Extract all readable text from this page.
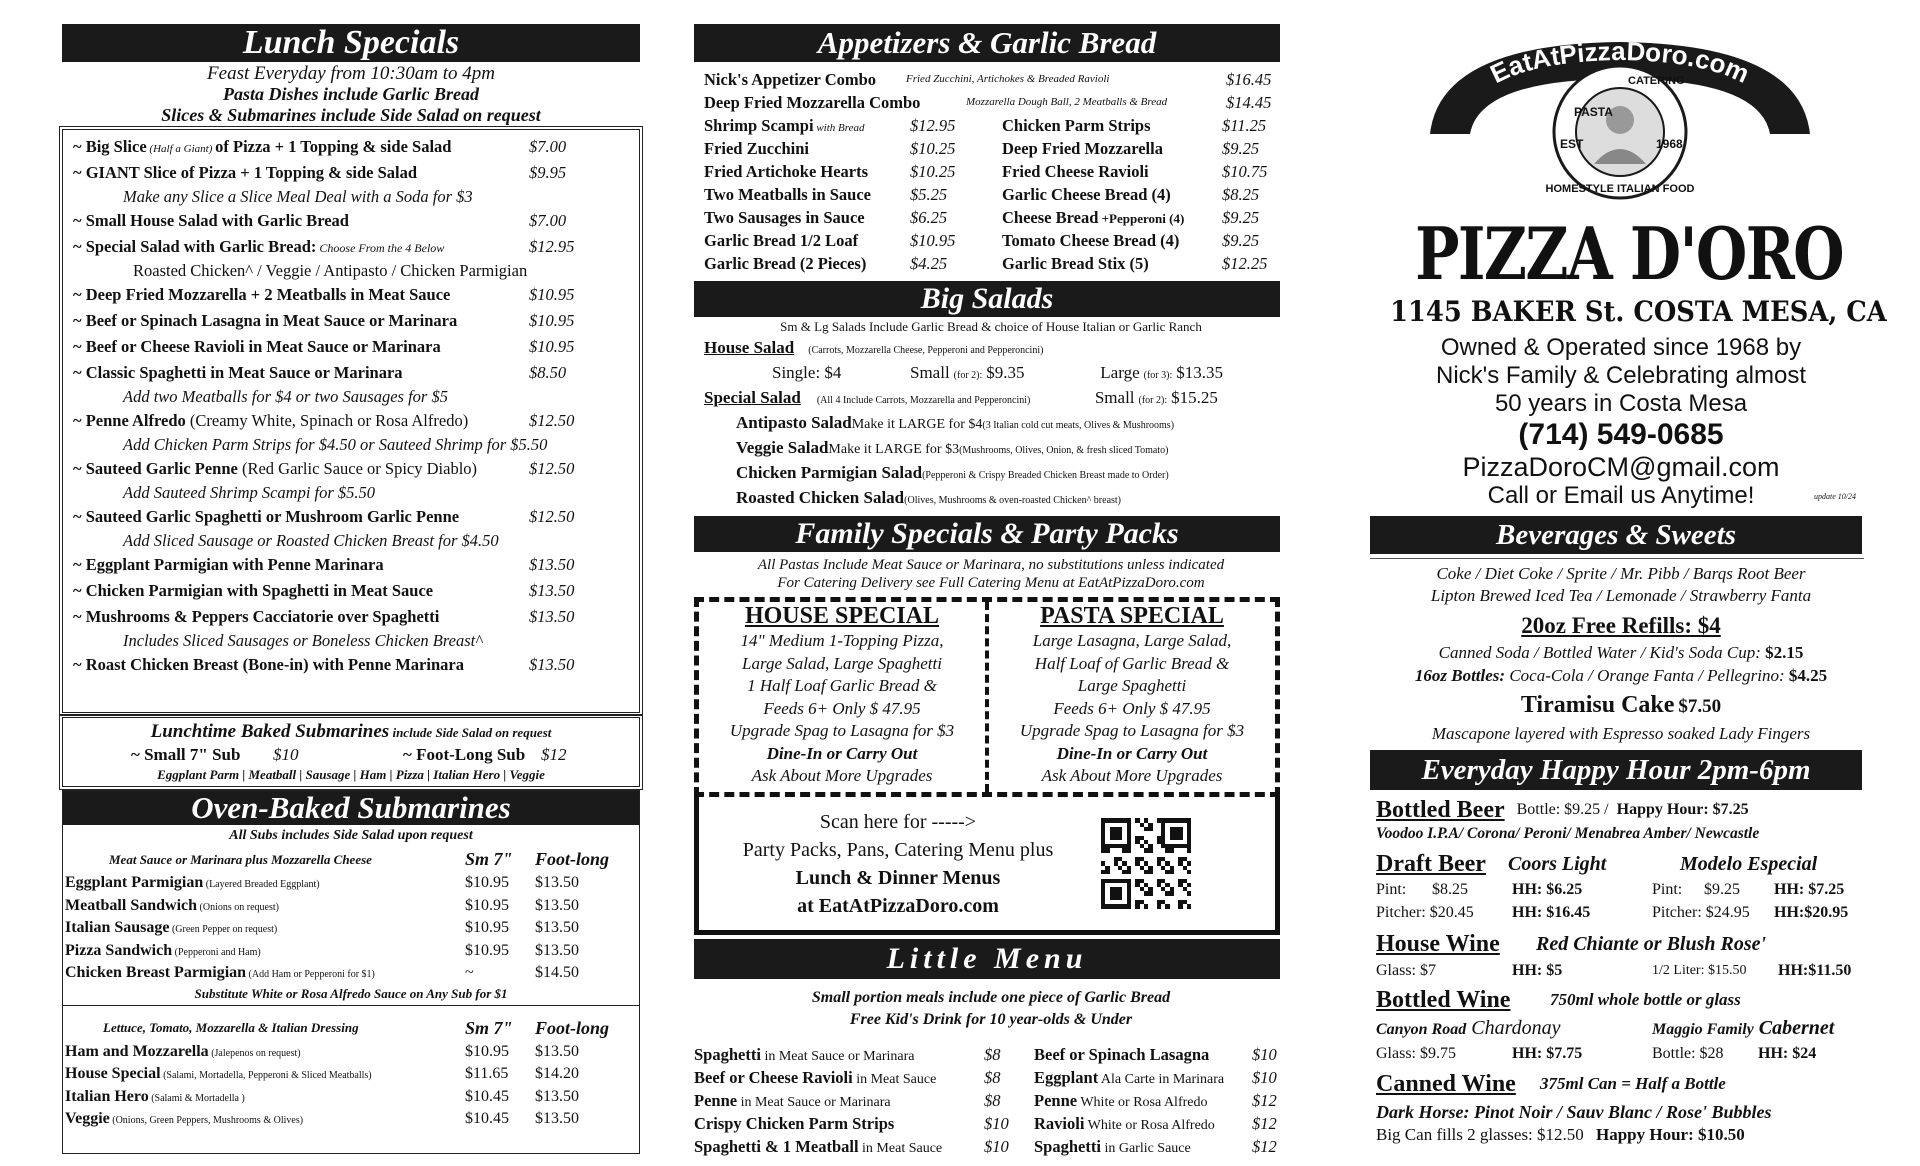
Lunch Specials
Feast Everyday from 10:30am to 4pm
Pasta Dishes include Garlic Bread
Slices & Submarines include Side Salad on request
~ Big Slice (Half a Giant) of Pizza + 1 Topping & side Salad	$7.00
~ GIANT Slice of Pizza + 1 Topping & side Salad	$9.95
Make any Slice a Slice Meal Deal with a Soda for $3
~ Small House Salad with Garlic Bread	$7.00
~ Special Salad with Garlic Bread: Choose From the 4 Below	$12.95
Roasted Chicken^ / Veggie / Antipasto / Chicken Parmigian
~ Deep Fried Mozzarella + 2 Meatballs in Meat Sauce	$10.95
~ Beef or Spinach Lasagna in Meat Sauce or Marinara	$10.95
~ Beef or Cheese Ravioli in Meat Sauce or Marinara	$10.95
~ Classic Spaghetti in Meat Sauce or Marinara	$8.50
Add two Meatballs for $4 or two Sausages for $5
~ Penne Alfredo (Creamy White, Spinach or Rosa Alfredo)	$12.50
Add Chicken Parm Strips for $4.50 or Sauteed Shrimp for $5.50
~ Sauteed Garlic Penne (Red Garlic Sauce or Spicy Diablo)	$12.50
Add Sauteed Shrimp Scampi for $5.50
~ Sauteed Garlic Spaghetti or Mushroom Garlic Penne	$12.50
Add Sliced Sausage or Roasted Chicken Breast for $4.50
~ Eggplant Parmigian with Penne Marinara	$13.50
~ Chicken Parmigian with Spaghetti in Meat Sauce	$13.50
~ Mushrooms & Peppers Cacciatorie over Spaghetti	$13.50
Includes Sliced Sausages or Boneless Chicken Breast^
~ Roast Chicken Breast (Bone-in) with Penne Marinara	$13.50
Lunchtime Baked Submarines include Side Salad on request
~ Small 7" Sub	$10	~ Foot-Long Sub $12
Eggplant Parm | Meatball | Sausage | Ham | Pizza | Italian Hero | Veggie
Oven-Baked Submarines
All Subs includes Side Salad upon request
Meat Sauce or Marinara plus Mozzarella Cheese	Sm 7"	Foot-long
Eggplant Parmigian (Layered Breaded Eggplant)	$10.95	$13.50
Meatball Sandwich (Onions on request)	$10.95	$13.50
Italian Sausage (Green Pepper on request)	$10.95	$13.50
Pizza Sandwich (Pepperoni and Ham)	$10.95	$13.50
Chicken Breast Parmigian (Add Ham or Pepperoni for $1)	~	$14.50
Substitute White or Rosa Alfredo Sauce on Any Sub for $1
Lettuce, Tomato, Mozzarella & Italian Dressing	Sm 7"	Foot-long
Ham and Mozzarella (Jalepenos on request)	$10.95	$13.50
House Special (Salami, Mortadella, Pepperoni & Sliced Meatballs)	$11.65	$14.20
Italian Hero (Salami & Mortadella )	$10.45	$13.50
Veggie (Onions, Green Peppers, Mushrooms & Olives)	$10.45	$13.50
Appetizers & Garlic Bread
Nick's Appetizer Combo	Fried Zucchini, Artichokes & Breaded Ravioli	$16.45
Deep Fried Mozzarella Combo	Mozzarella Dough Ball, 2 Meatballs & Bread	$14.45
Shrimp Scampi with Bread	$12.95
Fried Zucchini	$10.25
Fried Artichoke Hearts	$10.25
Two Meatballs in Sauce	$5.25
Two Sausages in Sauce	$6.25
Garlic Bread 1/2 Loaf	$10.95
Garlic Bread (2 Pieces)	$4.25
Chicken Parm Strips	$11.25
Deep Fried Mozzarella	$9.25
Fried Cheese Ravioli	$10.75
Garlic Cheese Bread (4)	$8.25
Cheese Bread +Pepperoni (4)	$9.25
Tomato Cheese Bread (4)	$9.25
Garlic Bread Stix (5)	$12.25
Big Salads
Sm & Lg Salads Include Garlic Bread & choice of House Italian or Garlic Ranch
House Salad (Carrots, Mozzarella Cheese, Pepperoni and Pepperoncini)
Single: $4	Small (for 2): $9.35	Large (for 3): $13.35
Special Salad (All 4 Include Carrots, Mozzarella and Pepperoncini)	Small (for 2): $15.25
Antipasto Salad Make it LARGE for $4 (3 Italian cold cut meats, Olives & Mushrooms)
Veggie Salad Make it LARGE for $3 (Mushrooms, Olives, Onion, & fresh sliced Tomato)
Chicken Parmigian Salad (Pepperoni & Crispy Breaded Chicken Breast made to Order)
Roasted Chicken Salad (Olives, Mushrooms & oven-roasted Chicken^ breast)
Family Specials & Party Packs
All Pastas Include Meat Sauce or Marinara, no substitutions unless indicated
For Catering Delivery see Full Catering Menu at EatAtPizzaDoro.com
HOUSE SPECIAL
14" Medium 1-Topping Pizza,
Large Salad, Large Spaghetti
1 Half Loaf Garlic Bread &
Feeds 6+ Only $ 47.95
Upgrade Spag to Lasagna for $3
Dine-In or Carry Out
Ask About More Upgrades
PASTA SPECIAL
Large Lasagna, Large Salad,
Half Loaf of Garlic Bread &
Large Spaghetti
Feeds 6+ Only $ 47.95
Upgrade Spag to Lasagna for $3
Dine-In or Carry Out
Ask About More Upgrades
Scan here for ----->
Party Packs, Pans, Catering Menu plus
Lunch & Dinner Menus
at EatAtPizzaDoro.com
Little Menu
Small portion meals include one piece of Garlic Bread
Free Kid's Drink for 10 year-olds & Under
Spaghetti in Meat Sauce or Marinara	$8
Beef or Cheese Ravioli in Meat Sauce	$8
Penne in Meat Sauce or Marinara	$8
Crispy Chicken Parm Strips	$10
Spaghetti & 1 Meatball in Meat Sauce	$10
Beef or Spinach Lasagna	$10
Eggplant Ala Carte in Marinara	$10
Penne White or Rosa Alfredo	$12
Ravioli White or Rosa Alfredo	$12
Spaghetti in Garlic Sauce	$12
EatAtPizzaDoro.com
PASTA
CATERING
EST	1968
HOMESTYLE ITALIAN FOOD
PIZZA D'ORO
1145 BAKER St. COSTA MESA, CA
Owned & Operated since 1968 by
Nick's Family & Celebrating almost
50 years in Costa Mesa
(714) 549-0685
PizzaDoroCM@gmail.com
Call or Email us Anytime!	update 10/24
Beverages & Sweets
Coke / Diet Coke / Sprite / Mr. Pibb / Barqs Root Beer
Lipton Brewed Iced Tea / Lemonade / Strawberry Fanta
20oz Free Refills: $4
Canned Soda / Bottled Water / Kid's Soda Cup: $2.15
16oz Bottles: Coca-Cola / Orange Fanta / Pellegrino: $4.25
Tiramisu Cake $7.50
Mascapone layered with Espresso soaked Lady Fingers
Everyday Happy Hour 2pm-6pm
Bottled Beer Bottle: $9.25 / Happy Hour: $7.25
Voodoo I.P.A/ Corona/ Peroni/ Menabrea Amber/ Newcastle
Draft Beer	Coors Light	Modelo Especial
Pint:	$8.25	HH: $6.25	Pint:	$9.25	HH: $7.25
Pitcher: $20.45	HH: $16.45	Pitcher: $24.95	HH:$20.95
House Wine	Red Chiante or Blush Rose'
Glass: $7	HH: $5	1/2 Liter: $15.50	HH:$11.50
Bottled Wine	750ml whole bottle or glass
Canyon Road Chardonay	Maggio Family Cabernet
Glass: $9.75	HH: $7.75	Bottle: $28	HH: $24
Canned Wine	375ml Can = Half a Bottle
Dark Horse: Pinot Noir / Sauv Blanc / Rose' Bubbles
Big Can fills 2 glasses: $12.50 Happy Hour: $10.50
